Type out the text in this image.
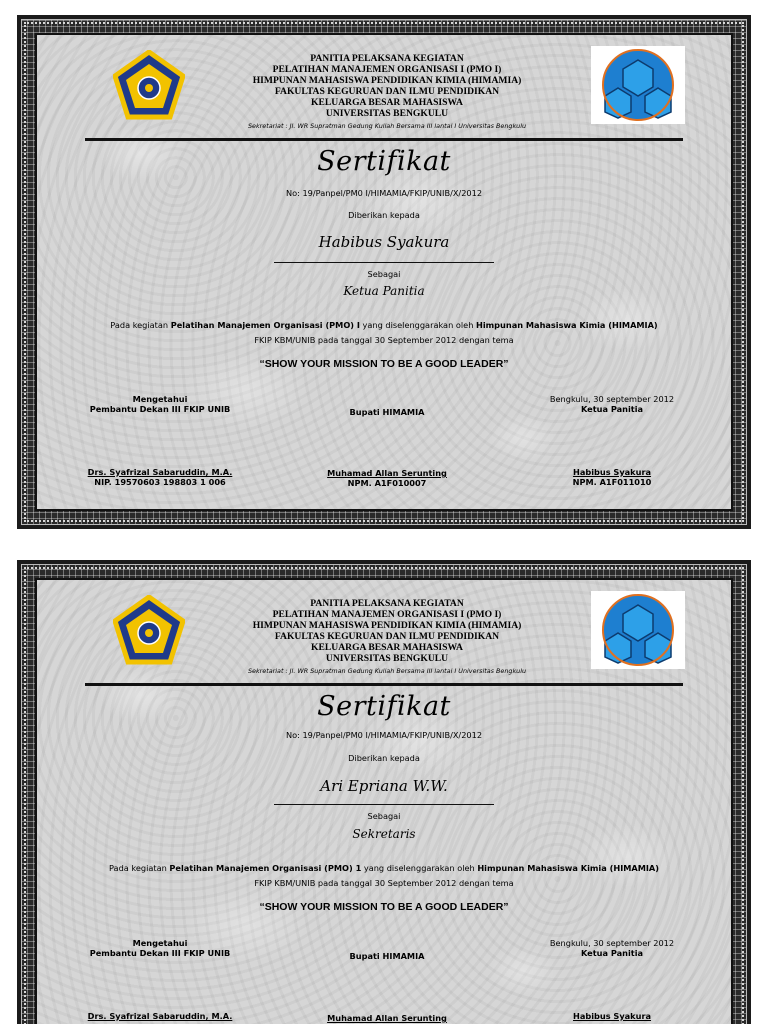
PANITIA PELAKSANA KEGIATAN
PELATIHAN MANAJEMEN ORGANISASI I (PMO I)
HIMPUNAN MAHASISWA PENDIDIKAN KIMIA (HIMAMIA)
FAKULTAS KEGURUAN DAN ILMU PENDIDIKAN
KELUARGA BESAR MAHASISWA
UNIVERSITAS BENGKULU
Sekretariat : Jl. WR Supratman Gedung Kuliah Bersama III lantai I Universitas Bengkulu
Sertifikat
No: 19/Panpel/PM0 I/HIMAMIA/FKIP/UNIB/X/2012
Diberikan kepada
Habibus Syakura
Sebagai
Ketua Panitia
Pada kegiatan Pelatihan Manajemen Organisasi (PMO) I yang diselenggarakan oleh Himpunan Mahasiswa Kimia (HIMAMIA)
FKIP KBM/UNIB pada tanggal 30 September 2012 dengan tema
“SHOW YOUR MISSION TO BE A GOOD LEADER”
Mengetahui
Pembantu Dekan III FKIP UNIB	Bupati HIMAMIA
Bengkulu, 30 september 2012
Ketua Panitia
Drs. Syafrizal Sabaruddin, M.A.
NIP. 19570603 198803 1 006
Muhamad Allan Serunting
NPM. A1F010007
Habibus Syakura
NPM. A1F011010
PANITIA PELAKSANA KEGIATAN
PELATIHAN MANAJEMEN ORGANISASI I (PMO I)
HIMPUNAN MAHASISWA PENDIDIKAN KIMIA (HIMAMIA)
FAKULTAS KEGURUAN DAN ILMU PENDIDIKAN
KELUARGA BESAR MAHASISWA
UNIVERSITAS BENGKULU
Sekretariat : Jl. WR Supratman Gedung Kuliah Bersama III lantai I Universitas Bengkulu
Sertifikat
No: 19/Panpel/PM0 I/HIMAMIA/FKIP/UNIB/X/2012
Diberikan kepada
Ari Epriana W.W.
Sebagai
Sekretaris
Pada kegiatan Pelatihan Manajemen Organisasi (PMO) 1 yang diselenggarakan oleh Himpunan Mahasiswa Kimia (HIMAMIA)
FKIP KBM/UNIB pada tanggal 30 September 2012 dengan tema
“SHOW YOUR MISSION TO BE A GOOD LEADER”
Mengetahui
Pembantu Dekan III FKIP UNIB	Bupati HIMAMIA
Bengkulu, 30 september 2012
Ketua Panitia
Drs. Syafrizal Sabaruddin, M.A.	Muhamad Allan Serunting	Habibus Syakura
